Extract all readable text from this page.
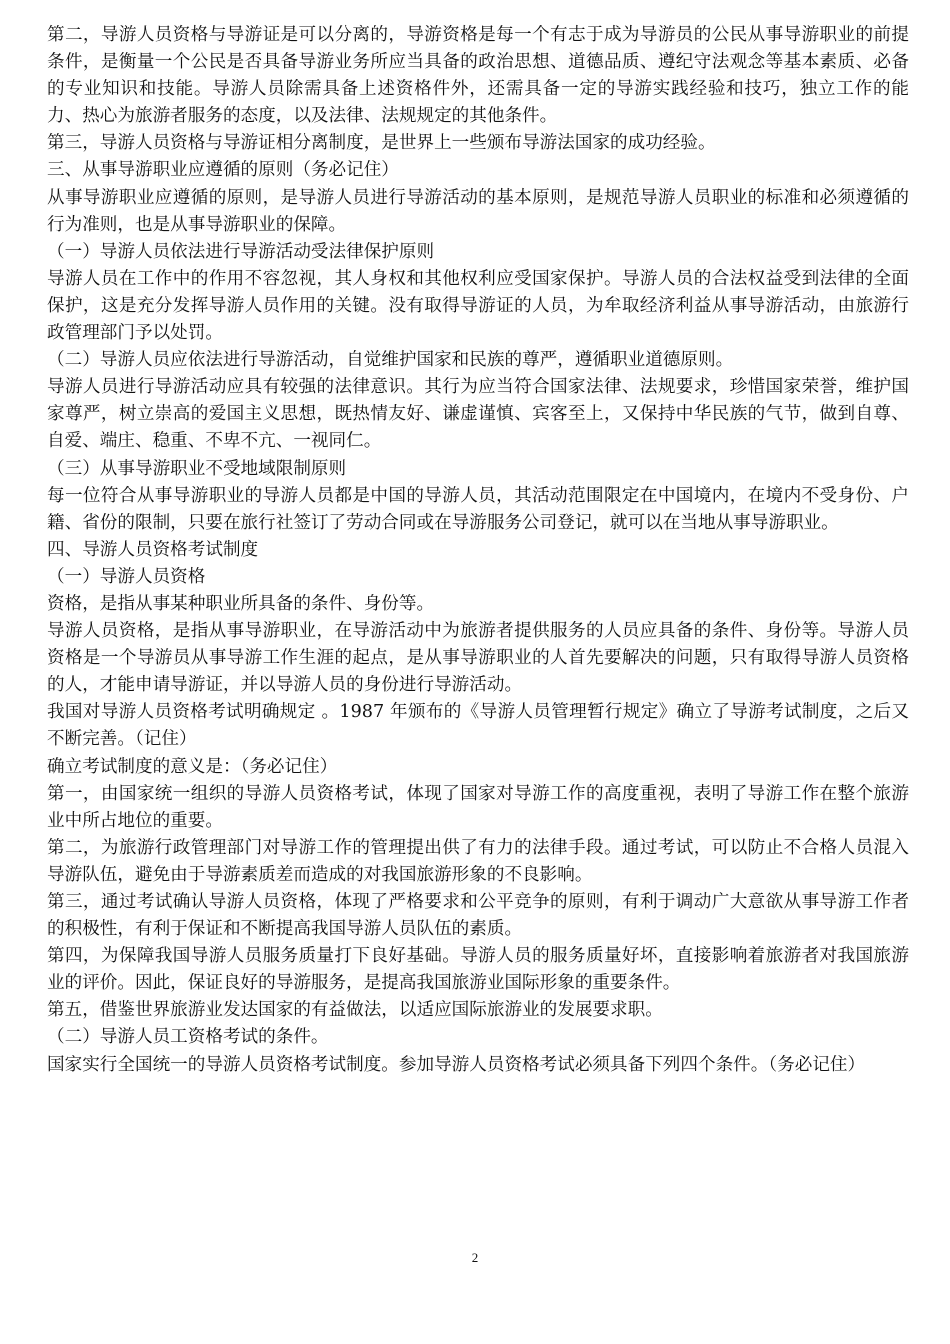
第二，导游人员资格与导游证是可以分离的，导游资格是每一个有志于成为导游员的公民从事导游职业的前提条件，是衡量一个公民是否具备导游业务所应当具备的政治思想、道德品质、遵纪守法观念等基本素质、必备的专业知识和技能。导游人员除需具备上述资格件外，还需具备一定的导游实践经验和技巧，独立工作的能力、热心为旅游者服务的态度，以及法律、法规规定的其他条件。

第三，导游人员资格与导游证相分离制度，是世界上一些颁布导游法国家的成功经验。

三、从事导游职业应遵循的原则（务必记住）

从事导游职业应遵循的原则，是导游人员进行导游活动的基本原则，是规范导游人员职业的标准和必须遵循的行为准则，也是从事导游职业的保障。

（一）导游人员依法进行导游活动受法律保护原则

导游人员在工作中的作用不容忽视，其人身权和其他权利应受国家保护。导游人员的合法权益受到法律的全面保护，这是充分发挥导游人员作用的关键。没有取得导游证的人员，为牟取经济利益从事导游活动，由旅游行政管理部门予以处罚。

（二）导游人员应依法进行导游活动，自觉维护国家和民族的尊严，遵循职业道德原则。

导游人员进行导游活动应具有较强的法律意识。其行为应当符合国家法律、法规要求，珍惜国家荣誉，维护国家尊严，树立崇高的爱国主义思想，既热情友好、谦虚谨慎、宾客至上，又保持中华民族的气节，做到自尊、自爱、端庄、稳重、不卑不亢、一视同仁。

（三）从事导游职业不受地域限制原则

每一位符合从事导游职业的导游人员都是中国的导游人员，其活动范围限定在中国境内，在境内不受身份、户籍、省份的限制，只要在旅行社签订了劳动合同或在导游服务公司登记，就可以在当地从事导游职业。

四、导游人员资格考试制度

（一）导游人员资格

资格，是指从事某种职业所具备的条件、身份等。

导游人员资格，是指从事导游职业，在导游活动中为旅游者提供服务的人员应具备的条件、身份等。导游人员资格是一个导游员从事导游工作生涯的起点，是从事导游职业的人首先要解决的问题，只有取得导游人员资格的人，才能申请导游证，并以导游人员的身份进行导游活动。

我国对导游人员资格考试明确规定 。1987 年颁布的《导游人员管理暂行规定》确立了导游考试制度，之后又不断完善。（记住）

确立考试制度的意义是：（务必记住）

第一，由国家统一组织的导游人员资格考试，体现了国家对导游工作的高度重视，表明了导游工作在整个旅游业中所占地位的重要。

第二，为旅游行政管理部门对导游工作的管理提出供了有力的法律手段。通过考试，可以防止不合格人员混入导游队伍，避免由于导游素质差而造成的对我国旅游形象的不良影响。

第三，通过考试确认导游人员资格，体现了严格要求和公平竞争的原则，有利于调动广大意欲从事导游工作者的积极性，有利于保证和不断提高我国导游人员队伍的素质。

第四，为保障我国导游人员服务质量打下良好基础。导游人员的服务质量好坏，直接影响着旅游者对我国旅游业的评价。因此，保证良好的导游服务，是提高我国旅游业国际形象的重要条件。

第五，借鉴世界旅游业发达国家的有益做法，以适应国际旅游业的发展要求职。

（二）导游人员工资格考试的条件。

国家实行全国统一的导游人员资格考试制度。参加导游人员资格考试必须具备下列四个条件。（务必记住）

2
